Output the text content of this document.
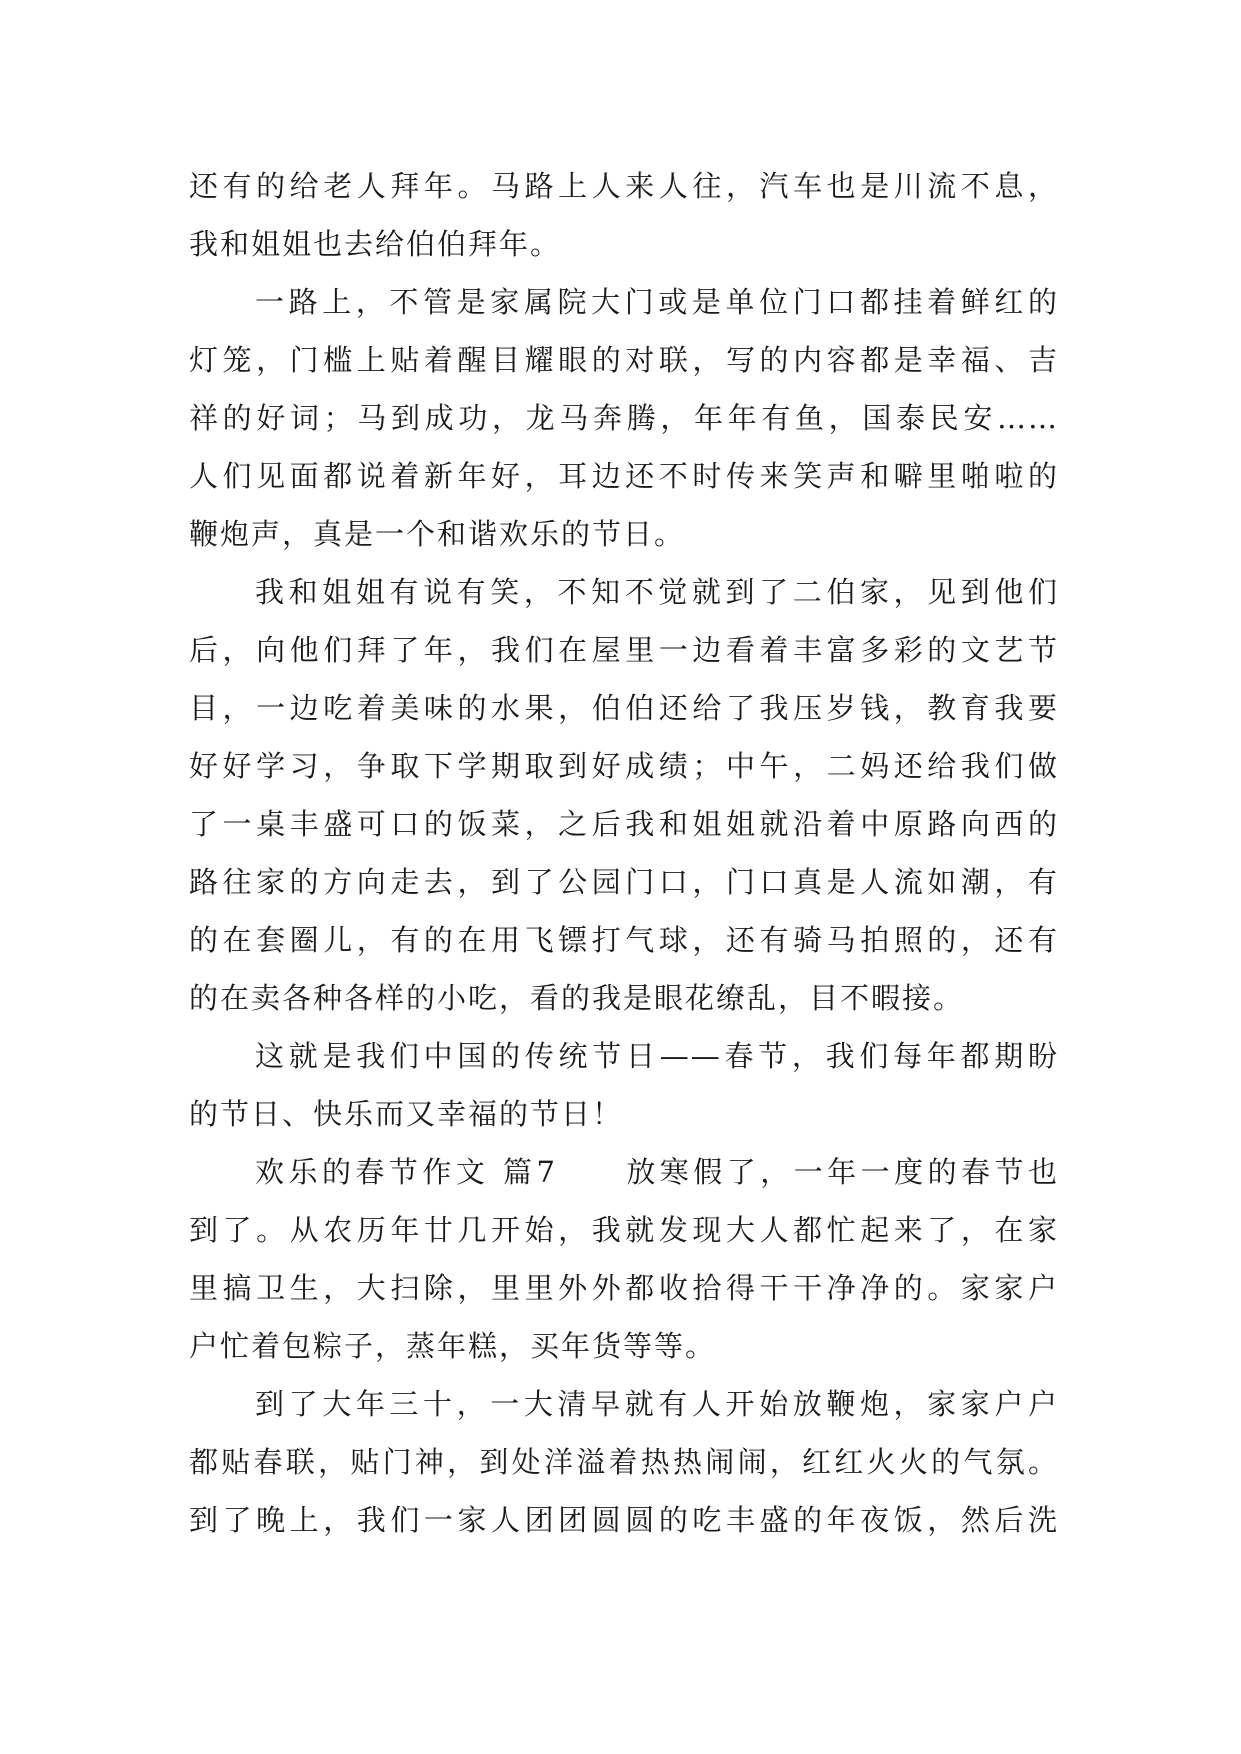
还有的给老人拜年。马路上人来人往，汽车也是川流不息，
我和姐姐也去给伯伯拜年。
一路上，不管是家属院大门或是单位门口都挂着鲜红的
灯笼，门槛上贴着醒目耀眼的对联，写的内容都是幸福、吉
祥的好词；马到成功，龙马奔腾，年年有鱼，国泰民安……
人们见面都说着新年好，耳边还不时传来笑声和噼里啪啦的
鞭炮声，真是一个和谐欢乐的节日。
我和姐姐有说有笑，不知不觉就到了二伯家，见到他们
后，向他们拜了年，我们在屋里一边看着丰富多彩的文艺节
目，一边吃着美味的水果，伯伯还给了我压岁钱，教育我要
好好学习，争取下学期取到好成绩；中午，二妈还给我们做
了一桌丰盛可口的饭菜，之后我和姐姐就沿着中原路向西的
路往家的方向走去，到了公园门口，门口真是人流如潮，有
的在套圈儿，有的在用飞镖打气球，还有骑马拍照的，还有
的在卖各种各样的小吃，看的我是眼花缭乱，目不暇接。
这就是我们中国的传统节日——春节，我们每年都期盼
的节日、快乐而又幸福的节日！
欢乐的春节作文 篇7　　放寒假了，一年一度的春节也
到了。从农历年廿几开始，我就发现大人都忙起来了，在家
里搞卫生，大扫除，里里外外都收拾得干干净净的。家家户
户忙着包粽子，蒸年糕，买年货等等。
到了大年三十，一大清早就有人开始放鞭炮，家家户户
都贴春联，贴门神，到处洋溢着热热闹闹，红红火火的气氛。
到了晚上，我们一家人团团圆圆的吃丰盛的年夜饭，然后洗
